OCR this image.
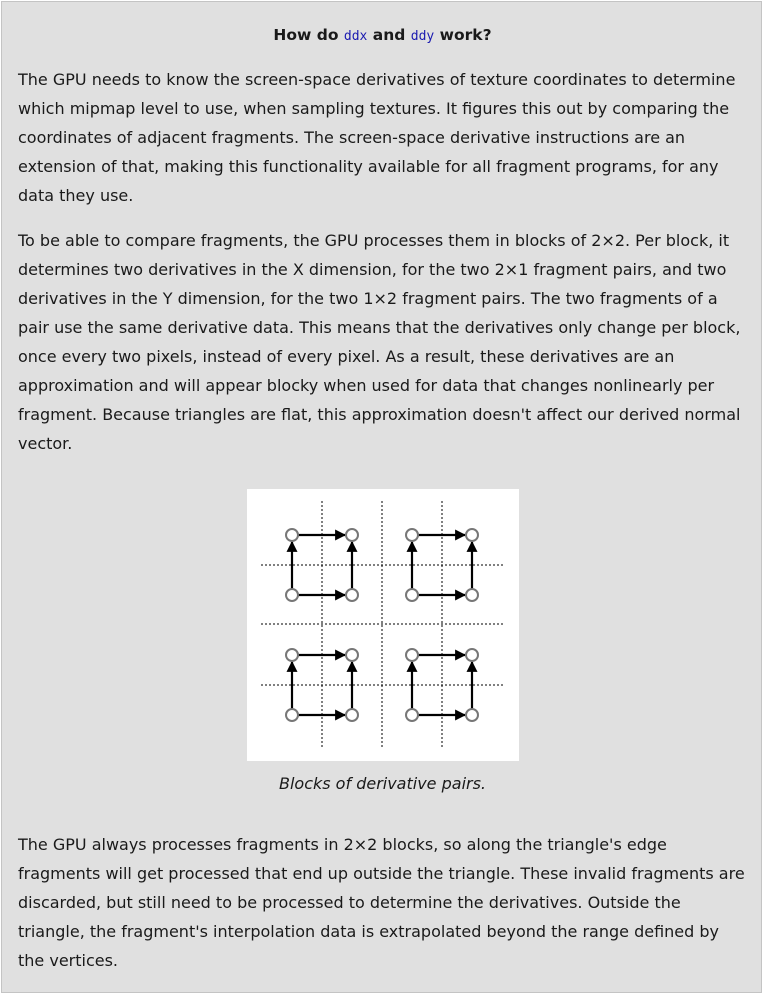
How do ddx and ddy work?

The GPU needs to know the screen-space derivatives of texture coordinates to determine which mipmap level to use, when sampling textures. It figures this out by comparing the coordinates of adjacent fragments. The screen-space derivative instructions are an extension of that, making this functionality available for all fragment programs, for any data they use.

To be able to compare fragments, the GPU processes them in blocks of 2×2. Per block, it determines two derivatives in the X dimension, for the two 2×1 fragment pairs, and two derivatives in the Y dimension, for the two 1×2 fragment pairs. The two fragments of a pair use the same derivative data. This means that the derivatives only change per block, once every two pixels, instead of every pixel. As a result, these derivatives are an approximation and will appear blocky when used for data that changes nonlinearly per fragment. Because triangles are flat, this approximation doesn't affect our derived normal vector.

Blocks of derivative pairs.

The GPU always processes fragments in 2×2 blocks, so along the triangle's edge fragments will get processed that end up outside the triangle. These invalid fragments are discarded, but still need to be processed to determine the derivatives. Outside the triangle, the fragment's interpolation data is extrapolated beyond the range defined by the vertices.
